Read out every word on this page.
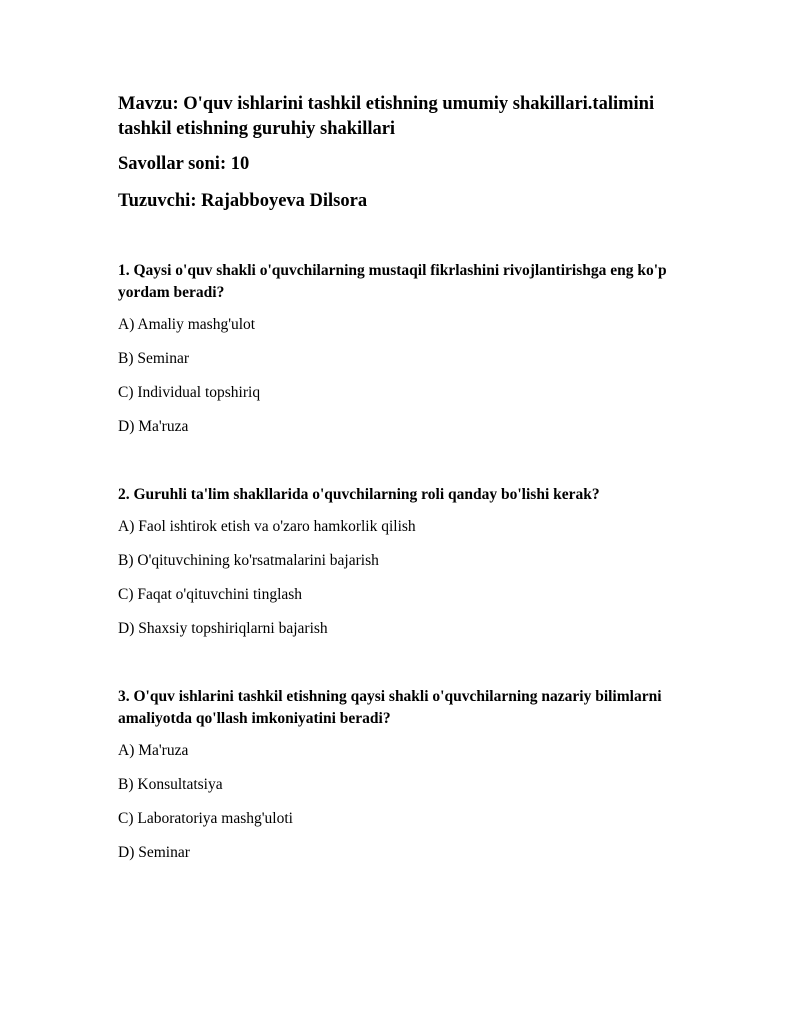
Mavzu: O'quv ishlarini tashkil etishning umumiy shakillari.talimini tashkil etishning guruhiy shakillari

Savollar soni: 10

Tuzuvchi: Rajabboyeva Dilsora

1. Qaysi o'quv shakli o'quvchilarning mustaqil fikrlashini rivojlantirishga eng ko'p yordam beradi?

A) Amaliy mashg'ulot

B) Seminar

C) Individual topshiriq

D) Ma'ruza

2. Guruhli ta'lim shakllarida o'quvchilarning roli qanday bo'lishi kerak?

A) Faol ishtirok etish va o'zaro hamkorlik qilish

B) O'qituvchining ko'rsatmalarini bajarish

C) Faqat o'qituvchini tinglash

D) Shaxsiy topshiriqlarni bajarish

3. O'quv ishlarini tashkil etishning qaysi shakli o'quvchilarning nazariy bilimlarni amaliyotda qo'llash imkoniyatini beradi?

A) Ma'ruza

B) Konsultatsiya

C) Laboratoriya mashg'uloti

D) Seminar
